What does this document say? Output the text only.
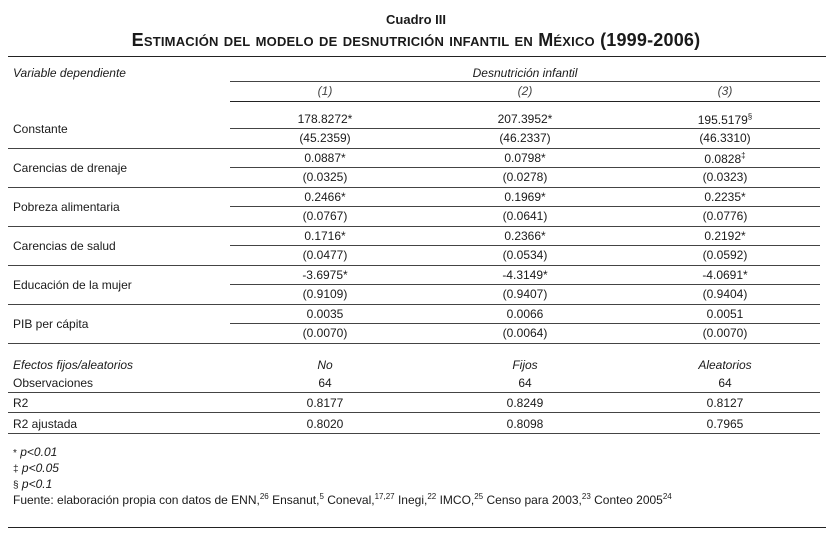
Cuadro III
Estimación del modelo de desnutrición infantil en México (1999-2006)
Variable dependiente	Desnutrición infantil
(1)	(2)	(3)
Constante
178.8272*	207.3952*	195.5179§
(45.2359)	(46.2337)	(46.3310)
Carencias de drenaje
0.0887*	0.0798*	0.0828‡
(0.0325)	(0.0278)	(0.0323)
Pobreza alimentaria
0.2466*	0.1969*	0.2235*
(0.0767)	(0.0641)	(0.0776)
Carencias de salud
0.1716*	0.2366*	0.2192*
(0.0477)	(0.0534)	(0.0592)
Educación de la mujer
-3.6975*	-4.3149*	-4.0691*
(0.9109)	(0.9407)	(0.9404)
PIB per cápita
0.0035	0.0066	0.0051
(0.0070)	(0.0064)	(0.0070)
Efectos fijos/aleatorios	No	Fijos	Aleatorios
Observaciones	64	64	64
R2	0.8177	0.8249	0.8127
R2 ajustada	0.8020	0.8098	0.7965
* p<0.01
‡ p<0.05
§ p<0.1
Fuente: elaboración propia con datos de ENN,$^{26}$ Ensanut,$^5$ Coneval,$^{17,27}$ Inegi,$^{22}$ IMCO,$^{25}$ Censo para 2003,23 Conteo 2005$^{24}$
